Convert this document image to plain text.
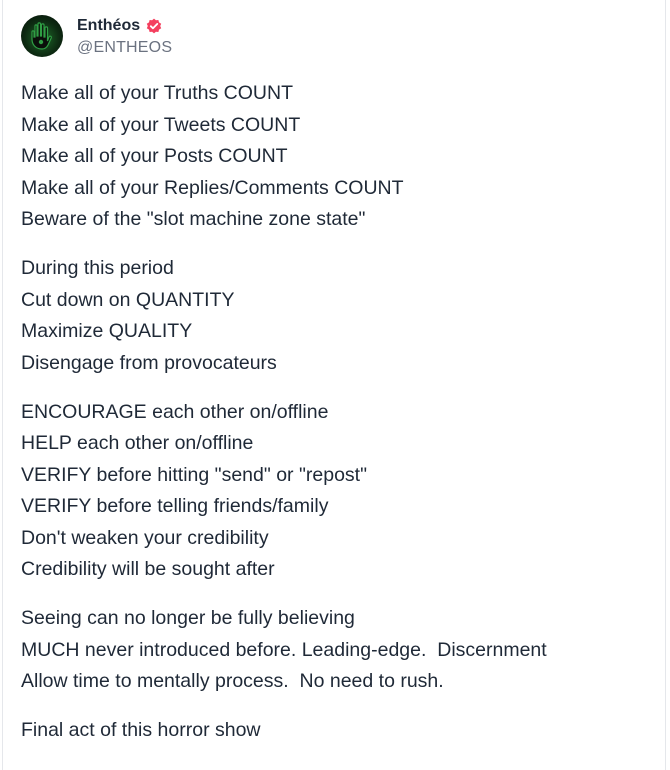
Enthéos
@ENTHEOS
Make all of your Truths COUNT
Make all of your Tweets COUNT
Make all of your Posts COUNT
Make all of your Replies/Comments COUNT
Beware of the "slot machine zone state"
During this period
Cut down on QUANTITY
Maximize QUALITY
Disengage from provocateurs
ENCOURAGE each other on/offline
HELP each other on/offline
VERIFY before hitting "send" or "repost"
VERIFY before telling friends/family
Don't weaken your credibility
Credibility will be sought after
Seeing can no longer be fully believing
MUCH never introduced before. Leading-edge.  Discernment
Allow time to mentally process.  No need to rush.
Final act of this horror show
